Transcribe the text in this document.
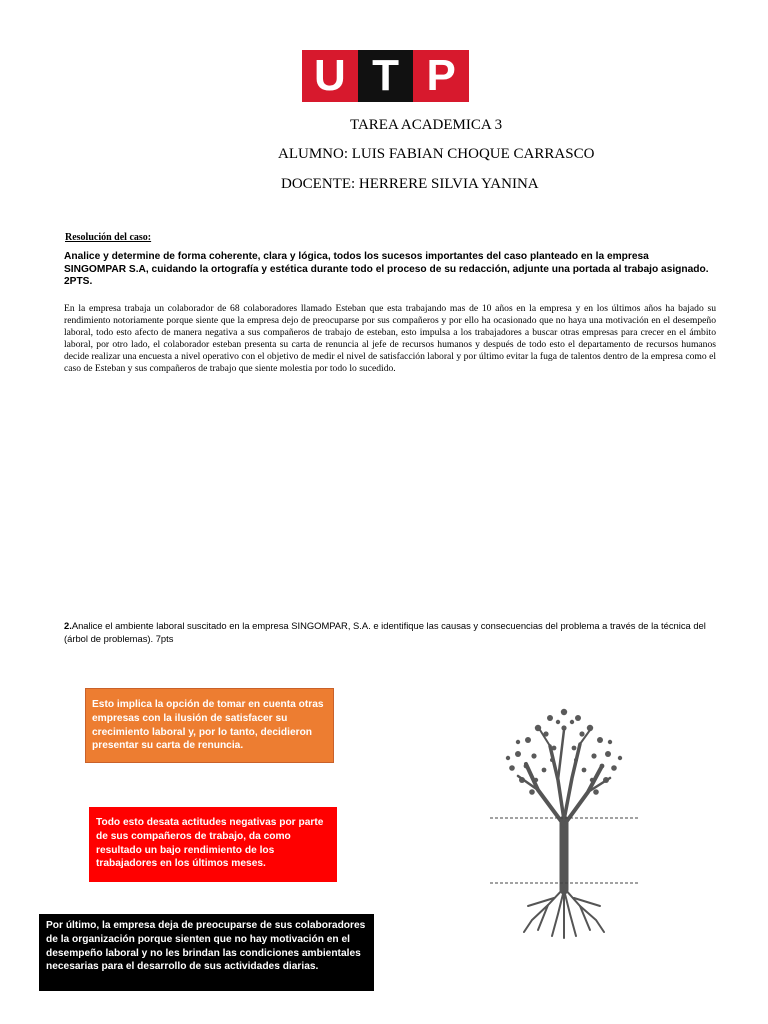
U T P
TAREA ACADEMICA 3
ALUMNO: LUIS FABIAN CHOQUE CARRASCO
DOCENTE: HERRERE SILVIA YANINA
Resolución del caso:
Analice y determine de forma coherente, clara y lógica, todos los sucesos importantes del caso planteado en la empresa SINGOMPAR S.A, cuidando la ortografía y estética durante todo el proceso de su redacción, adjunte una portada al trabajo asignado. 2PTS.
En la empresa trabaja un colaborador de 68 colaboradores llamado Esteban que esta trabajando mas de 10 años en la empresa y en los últimos años ha bajado su rendimiento notoriamente porque siente que la empresa dejo de preocuparse por sus compañeros y por ello ha ocasionado que no haya una motivación en el desempeño laboral, todo esto afecto de manera negativa a sus compañeros de trabajo de esteban, esto impulsa a los trabajadores a buscar otras empresas para crecer en el ámbito laboral, por otro lado, el colaborador esteban presenta su carta de renuncia al jefe de recursos humanos y después de todo esto el departamento de recursos humanos decide realizar una encuesta a nivel operativo con el objetivo de medir el nivel de satisfacción laboral y por último evitar la fuga de talentos dentro de la empresa como el caso de Esteban y sus compañeros de trabajo que siente molestia por todo lo sucedido.
2.Analice el ambiente laboral suscitado en la empresa SINGOMPAR, S.A. e identifique las causas y consecuencias del problema a través de la técnica del (árbol de problemas). 7pts
Esto implica la opción de tomar en cuenta otras empresas con la ilusión de satisfacer su crecimiento laboral y, por lo tanto, decidieron presentar su carta de renuncia.
Todo esto desata actitudes negativas por parte de sus compañeros de trabajo, da como resultado un bajo rendimiento de los trabajadores en los últimos meses.
Por último, la empresa deja de preocuparse de sus colaboradores de la organización porque sienten que no hay motivación en el desempeño laboral y no les brindan las condiciones ambientales necesarias para el desarrollo de sus actividades diarias.
